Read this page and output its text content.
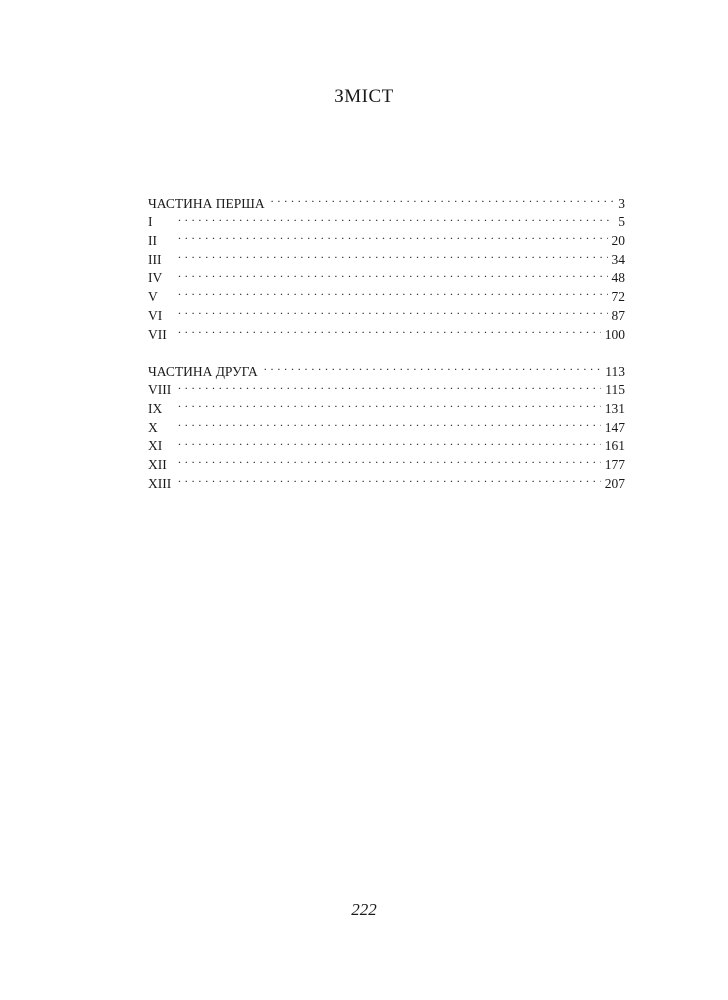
ЗМІСТ
ЧАСТИНА ПЕРША . . .	3
I . . .	5
II . . .	20
III . . .	34
IV . . .	48
V . . .	72
VI . . .	87
VII . . .	100
ЧАСТИНА ДРУГА . . .	113
VIII . . .	115
IX . . .	131
X . . .	147
XI . . .	161
XII . . .	177
XIII . . .	207
222
